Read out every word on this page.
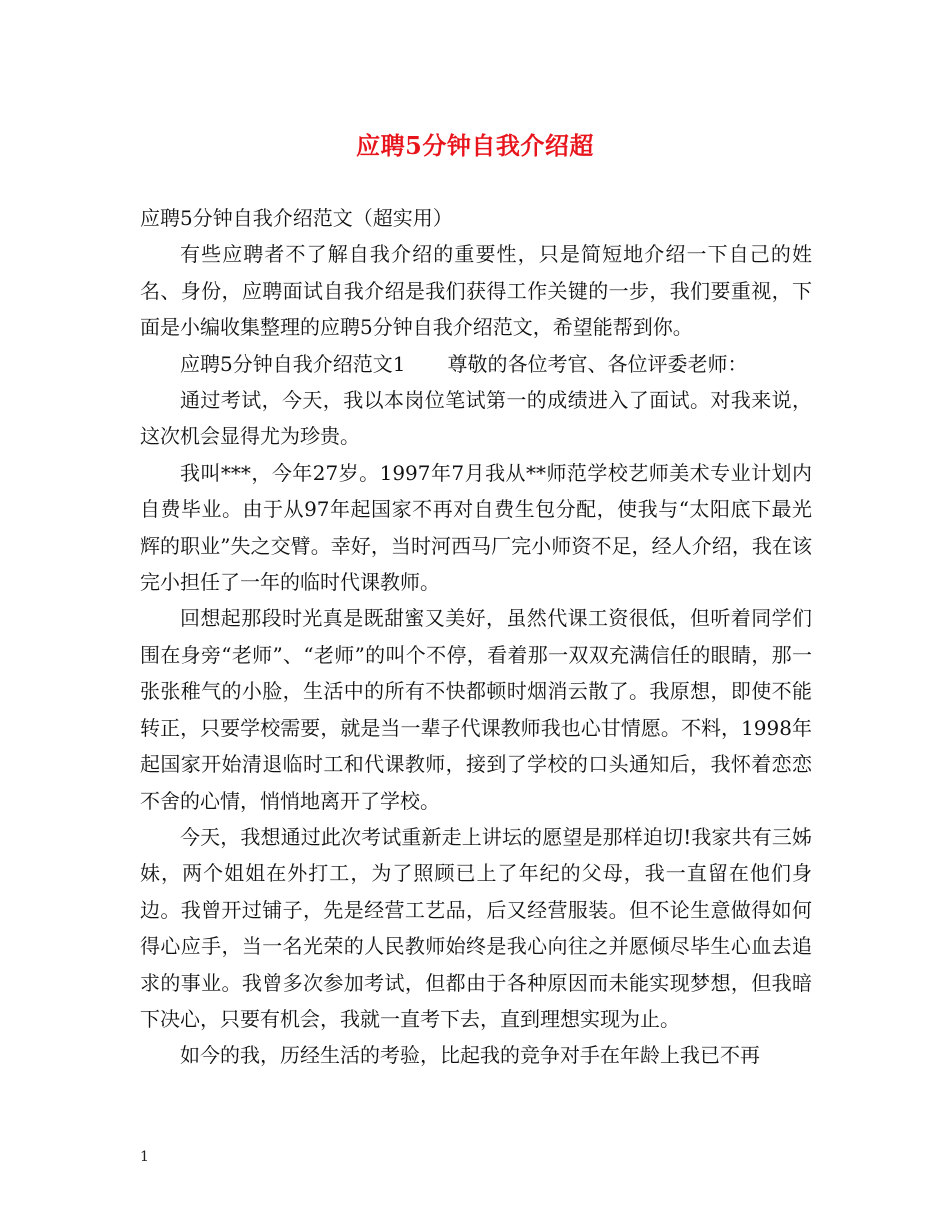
应聘5分钟自我介绍超

应聘5分钟自我介绍范文（超实用）

有些应聘者不了解自我介绍的重要性，只是简短地介绍一下自己的姓名、身份，应聘面试自我介绍是我们获得工作关键的一步，我们要重视，下面是小编收集整理的应聘5分钟自我介绍范文，希望能帮到你。

应聘5分钟自我介绍范文1 尊敬的各位考官、各位评委老师：

通过考试，今天，我以本岗位笔试第一的成绩进入了面试。对我来说，这次机会显得尤为珍贵。

我叫***，今年27岁。1997年7月我从**师范学校艺师美术专业计划内自费毕业。由于从97年起国家不再对自费生包分配，使我与“太阳底下最光辉的职业”失之交臂。幸好，当时河西马厂完小师资不足，经人介绍，我在该完小担任了一年的临时代课教师。

回想起那段时光真是既甜蜜又美好，虽然代课工资很低，但听着同学们围在身旁“老师”、“老师”的叫个不停，看着那一双双充满信任的眼睛，那一张张稚气的小脸，生活中的所有不快都顿时烟消云散了。我原想，即使不能转正，只要学校需要，就是当一辈子代课教师我也心甘情愿。不料，1998年起国家开始清退临时工和代课教师，接到了学校的口头通知后，我怀着恋恋不舍的心情，悄悄地离开了学校。

今天，我想通过此次考试重新走上讲坛的愿望是那样迫切!我家共有三姊妹，两个姐姐在外打工，为了照顾已上了年纪的父母，我一直留在他们身边。我曾开过铺子，先是经营工艺品，后又经营服装。但不论生意做得如何得心应手，当一名光荣的人民教师始终是我心向往之并愿倾尽毕生心血去追求的事业。我曾多次参加考试，但都由于各种原因而未能实现梦想，但我暗下决心，只要有机会，我就一直考下去，直到理想实现为止。

如今的我，历经生活的考验，比起我的竞争对手在年龄上我已不再

1
